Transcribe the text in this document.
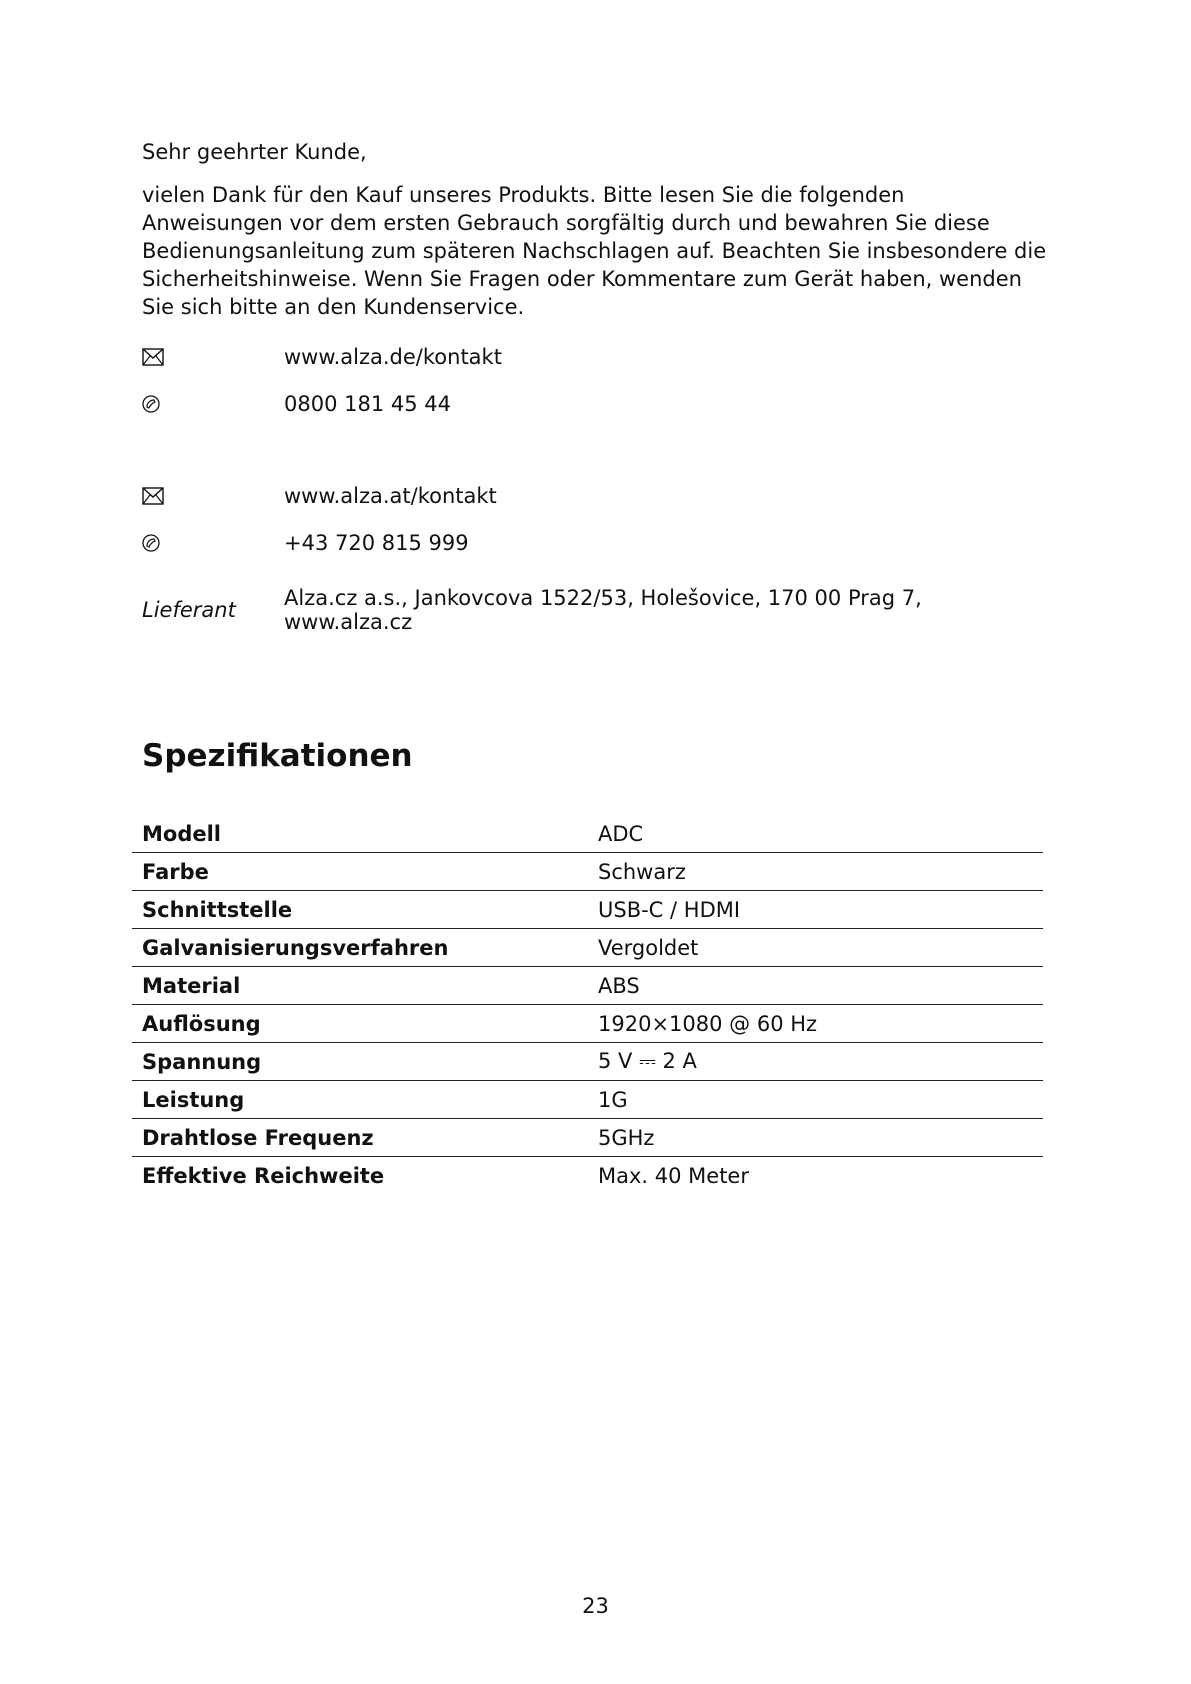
Sehr geehrter Kunde,

vielen Dank für den Kauf unseres Produkts. Bitte lesen Sie die folgenden Anweisungen vor dem ersten Gebrauch sorgfältig durch und bewahren Sie diese Bedienungsanleitung zum späteren Nachschlagen auf. Beachten Sie insbesondere die Sicherheitshinweise. Wenn Sie Fragen oder Kommentare zum Gerät haben, wenden Sie sich bitte an den Kundenservice.

www.alza.de/kontakt
0800 181 45 44
www.alza.at/kontakt
+43 720 815 999
Lieferant	Alza.cz a.s., Jankovcova 1522/53, Holešovice, 170 00 Prag 7, www.alza.cz
Spezifikationen
Modell	ADC
Farbe	Schwarz
Schnittstelle	USB-C / HDMI
Galvanisierungsverfahren	Vergoldet
Material	ABS
Auflösung	1920×1080 @ 60 Hz
Spannung	5 V ⎓ 2 A
Leistung	1G
Drahtlose Frequenz	5GHz
Effektive Reichweite	Max. 40 Meter
23
